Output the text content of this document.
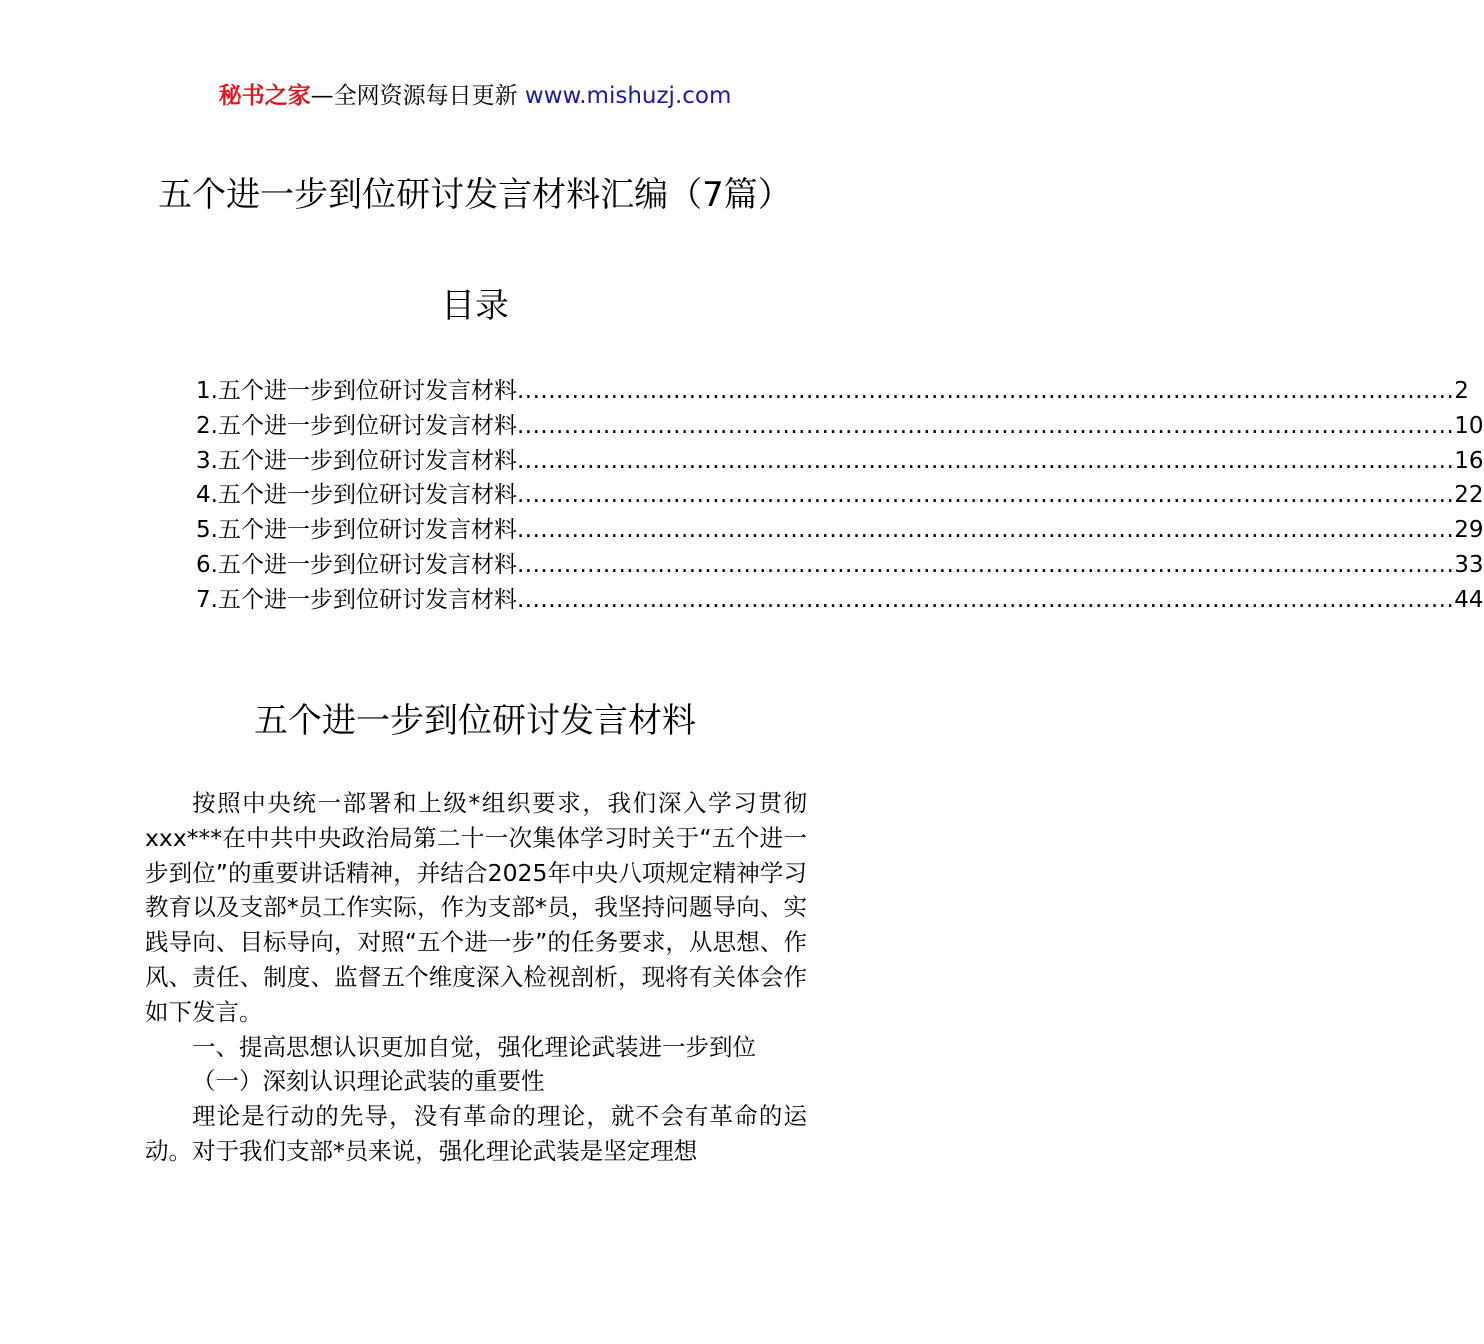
秘书之家—全网资源每日更新 www.mishuzj.com
五个进一步到位研讨发言材料汇编（7篇）
目录
1.五个进一步到位研讨发言材料 ........................................................................................................................ 2
2.五个进一步到位研讨发言材料 ........................................................................................................................ 10
3.五个进一步到位研讨发言材料 ........................................................................................................................ 16
4.五个进一步到位研讨发言材料 ........................................................................................................................ 22
5.五个进一步到位研讨发言材料 ........................................................................................................................ 29
6.五个进一步到位研讨发言材料 ........................................................................................................................ 33
7.五个进一步到位研讨发言材料 ........................................................................................................................ 44
五个进一步到位研讨发言材料

按照中央统一部署和上级*组织要求，我们深入学习贯彻xxx***在中共中央政治局第二十一次集体学习时关于“五个进一步到位”的重要讲话精神，并结合2025年中央八项规定精神学习教育以及支部*员工作实际，作为支部*员，我坚持问题导向、实践导向、目标导向，对照“五个进一步”的任务要求，从思想、作风、责任、制度、监督五个维度深入检视剖析，现将有关体会作如下发言。

一、提高思想认识更加自觉，强化理论武装进一步到位

（一）深刻认识理论武装的重要性

理论是行动的先导，没有革命的理论，就不会有革命的运动。对于我们支部*员来说，强化理论武装是坚定理想
